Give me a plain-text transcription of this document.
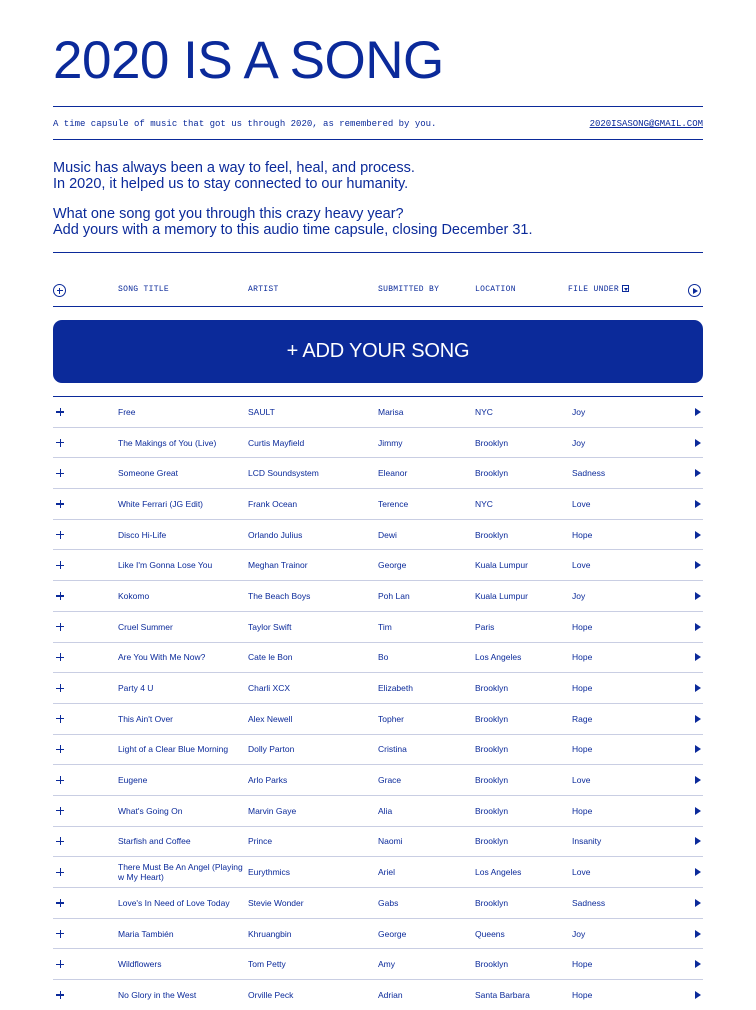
2020 IS A SONG
A time capsule of music that got us through 2020, as remembered by you.	2020ISASONG@GMAIL.COM

Music has always been a way to feel, heal, and process.

In 2020, it helped us to stay connected to our humanity.

What one song got you through this crazy heavy year?

Add yours with a memory to this audio time capsule, closing December 31.

SONG TITLE	ARTIST	SUBMITTED BY	LOCATION	FILE UNDER
+ ADD YOUR SONG
Free	SAULT	Marisa	NYC	Joy
The Makings of You (Live)	Curtis Mayfield	Jimmy	Brooklyn	Joy
Someone Great	LCD Soundsystem	Eleanor	Brooklyn	Sadness
White Ferrari (JG Edit)	Frank Ocean	Terence	NYC	Love
Disco Hi-Life	Orlando Julius	Dewi	Brooklyn	Hope
Like I'm Gonna Lose You	Meghan Trainor	George	Kuala Lumpur	Love
Kokomo	The Beach Boys	Poh Lan	Kuala Lumpur	Joy
Cruel Summer	Taylor Swift	Tim	Paris	Hope
Are You With Me Now?	Cate le Bon	Bo	Los Angeles	Hope
Party 4 U	Charli XCX	Elizabeth	Brooklyn	Hope
This Ain't Over	Alex Newell	Topher	Brooklyn	Rage
Light of a Clear Blue Morning	Dolly Parton	Cristina	Brooklyn	Hope
Eugene	Arlo Parks	Grace	Brooklyn	Love
What's Going On	Marvin Gaye	Alia	Brooklyn	Hope
Starfish and Coffee	Prince	Naomi	Brooklyn	Insanity
There Must Be An Angel (Playing w My Heart)	Eurythmics	Ariel	Los Angeles	Love
Love's In Need of Love Today	Stevie Wonder	Gabs	Brooklyn	Sadness
Maria También	Khruangbin	George	Queens	Joy
Wildflowers	Tom Petty	Amy	Brooklyn	Hope
No Glory in the West	Orville Peck	Adrian	Santa Barbara	Hope
